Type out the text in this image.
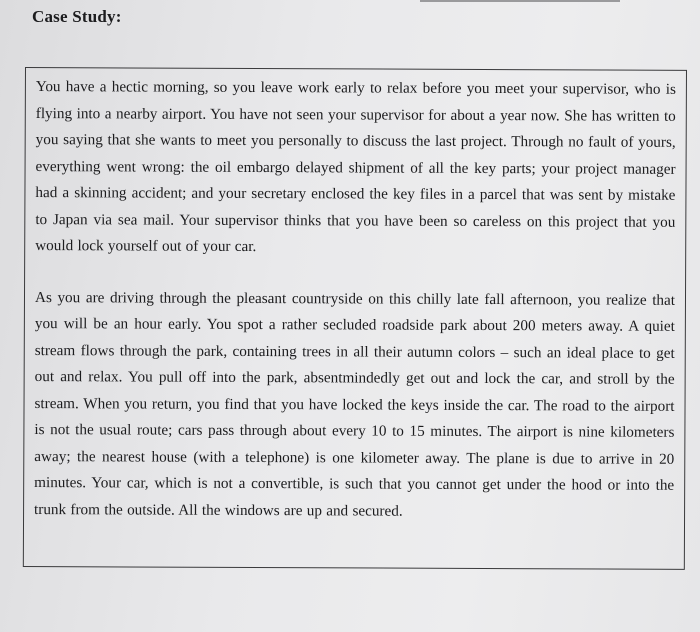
Case Study:

You have a hectic morning, so you leave work early to relax before you meet your supervisor, who is flying into a nearby airport. You have not seen your supervisor for about a year now. She has written to you saying that she wants to meet you personally to discuss the last project. Through no fault of yours, everything went wrong: the oil embargo delayed shipment of all the key parts; your project manager had a skinning accident; and your secretary enclosed the key files in a parcel that was sent by mistake to Japan via sea mail. Your supervisor thinks that you have been so careless on this project that you would lock yourself out of your car.

As you are driving through the pleasant countryside on this chilly late fall afternoon, you realize that you will be an hour early. You spot a rather secluded roadside park about 200 meters away. A quiet stream flows through the park, containing trees in all their autumn colors – such an ideal place to get out and relax. You pull off into the park, absentmindedly get out and lock the car, and stroll by the stream. When you return, you find that you have locked the keys inside the car. The road to the airport is not the usual route; cars pass through about every 10 to 15 minutes. The airport is nine kilometers away; the nearest house (with a telephone) is one kilometer away. The plane is due to arrive in 20 minutes. Your car, which is not a convertible, is such that you cannot get under the hood or into the trunk from the outside. All the windows are up and secured.
